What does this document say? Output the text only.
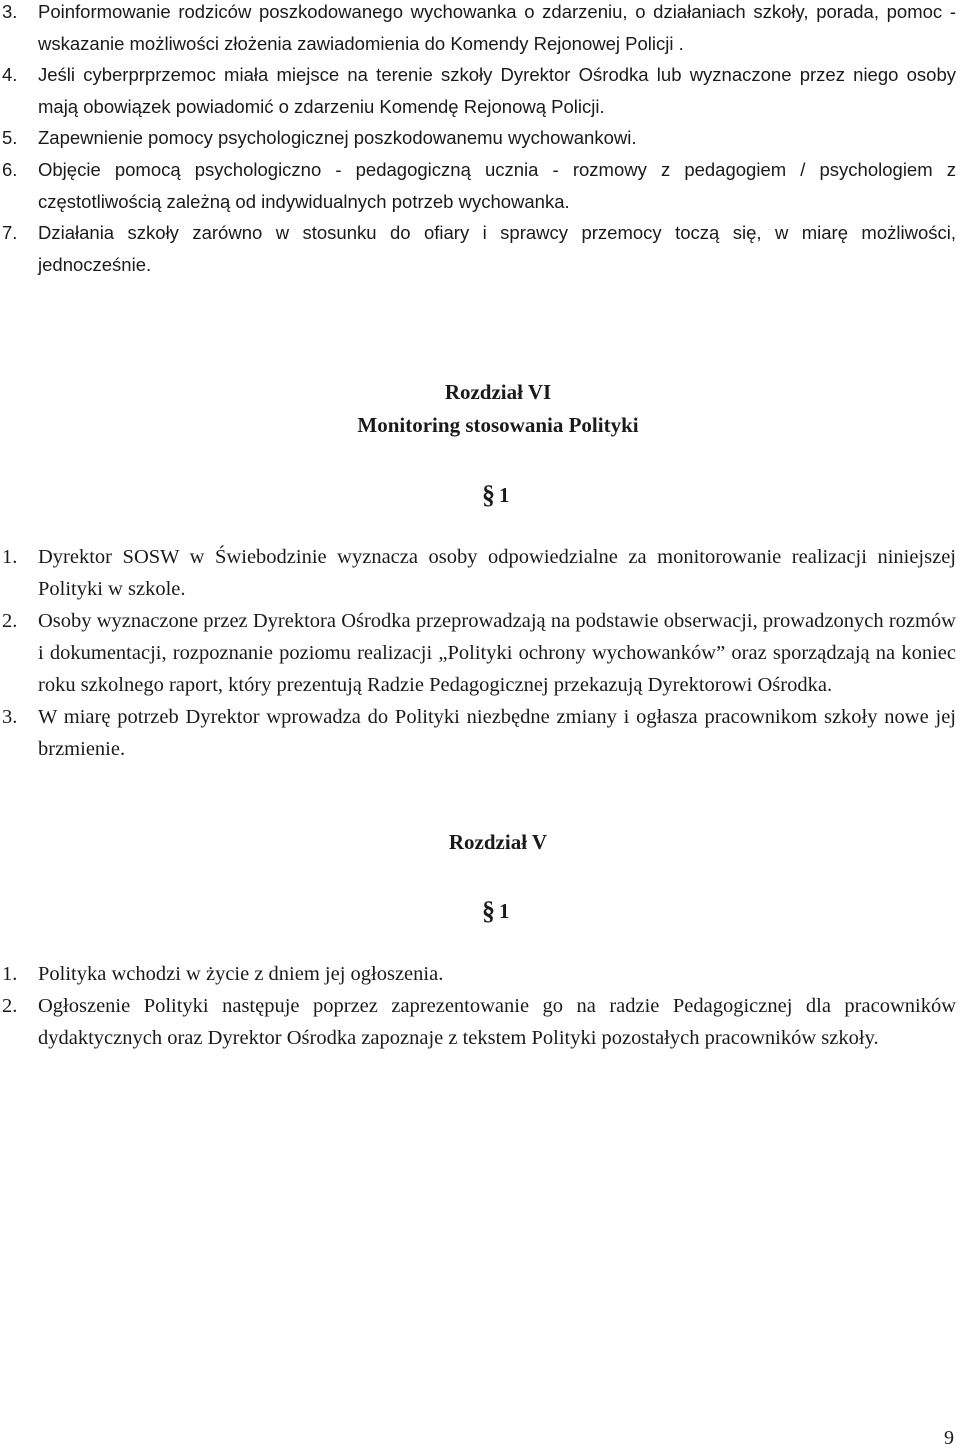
3. Poinformowanie rodziców poszkodowanego wychowanka o zdarzeniu, o działaniach szkoły, porada, pomoc - wskazanie możliwości złożenia zawiadomienia do Komendy Rejonowej Policji .
4. Jeśli cyberprprzemoc miała miejsce na terenie szkoły Dyrektor Ośrodka lub wyznaczone przez niego osoby mają obowiązek powiadomić o zdarzeniu Komendę Rejonową Policji.
5. Zapewnienie pomocy psychologicznej poszkodowanemu wychowankowi.
6. Objęcie pomocą psychologiczno - pedagogiczną ucznia - rozmowy z pedagogiem / psychologiem z częstotliwością zależną od indywidualnych potrzeb wychowanka.
7. Działania szkoły zarówno w stosunku do ofiary i sprawcy przemocy toczą się, w miarę możliwości, jednocześnie.
Rozdział VI
Monitoring stosowania Polityki
§ 1
1. Dyrektor SOSW w Świebodzinie wyznacza osoby odpowiedzialne za monitorowanie realizacji niniejszej Polityki w szkole.
2. Osoby wyznaczone przez Dyrektora Ośrodka przeprowadzają na podstawie obserwacji, prowadzonych rozmów i dokumentacji, rozpoznanie poziomu realizacji „Polityki ochrony wychowanków” oraz sporządzają na koniec roku szkolnego raport, który prezentują Radzie Pedagogicznej przekazują Dyrektorowi Ośrodka.
3. W miarę potrzeb Dyrektor wprowadza do Polityki niezbędne zmiany i ogłasza pracownikom szkoły nowe jej brzmienie.
Rozdział V
§ 1
1. Polityka wchodzi w życie z dniem jej ogłoszenia.
2. Ogłoszenie Polityki następuje poprzez zaprezentowanie go na radzie Pedagogicznej dla pracowników dydaktycznych oraz Dyrektor Ośrodka zapoznaje z tekstem Polityki pozostałych pracowników szkoły.
9
